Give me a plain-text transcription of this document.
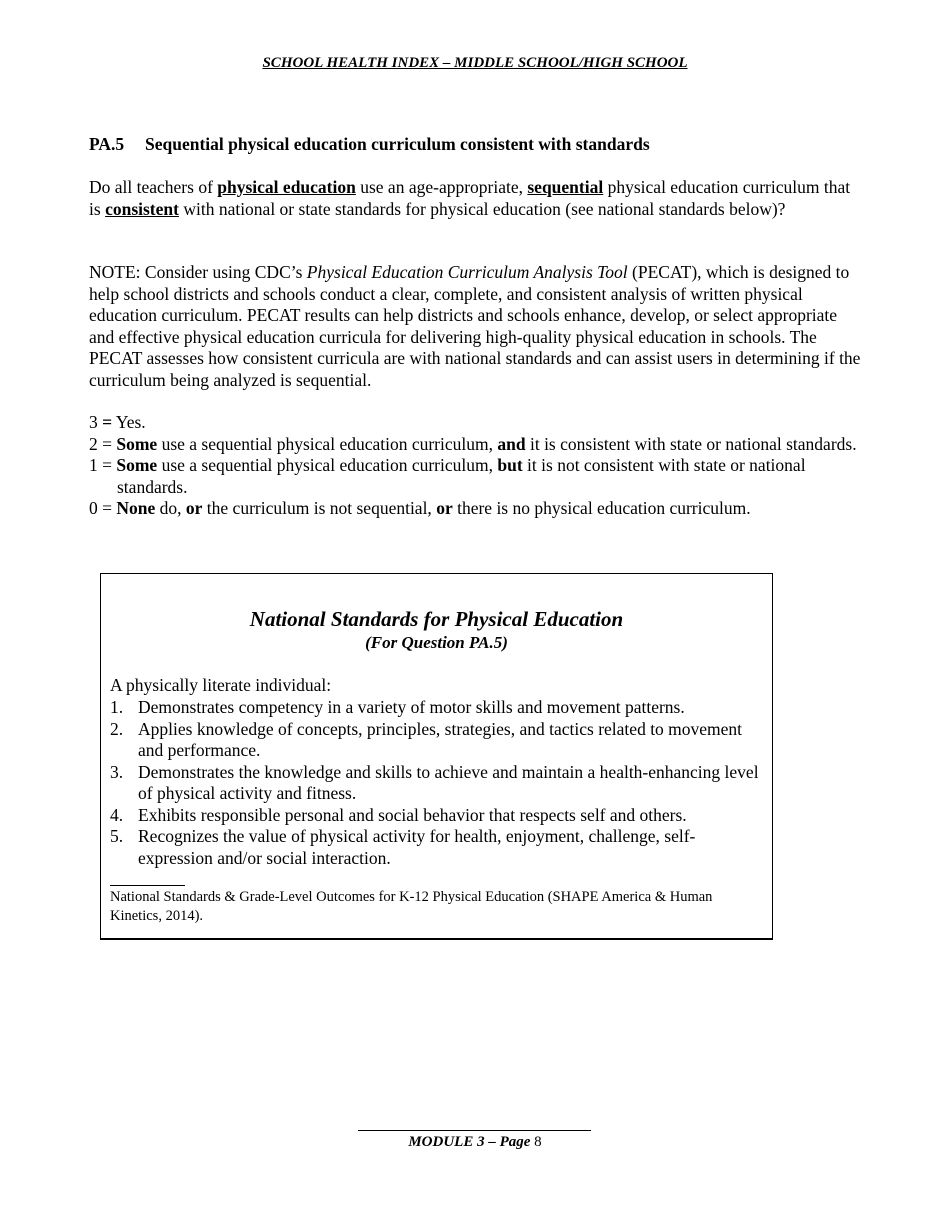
SCHOOL HEALTH INDEX – MIDDLE SCHOOL/HIGH SCHOOL
PA.5 Sequential physical education curriculum consistent with standards
Do all teachers of physical education use an age-appropriate, sequential physical education curriculum that is consistent with national or state standards for physical education (see national standards below)?
NOTE: Consider using CDC’s Physical Education Curriculum Analysis Tool (PECAT), which is designed to help school districts and schools conduct a clear, complete, and consistent analysis of written physical education curriculum. PECAT results can help districts and schools enhance, develop, or select appropriate and effective physical education curricula for delivering high-quality physical education in schools. The PECAT assesses how consistent curricula are with national standards and can assist users in determining if the curriculum being analyzed is sequential.
3 = Yes.
2 = Some use a sequential physical education curriculum, and it is consistent with state or national standards.
1 = Some use a sequential physical education curriculum, but it is not consistent with state or national standards.
0 = None do, or the curriculum is not sequential, or there is no physical education curriculum.
National Standards for Physical Education
(For Question PA.5)
A physically literate individual:
1. Demonstrates competency in a variety of motor skills and movement patterns.
2. Applies knowledge of concepts, principles, strategies, and tactics related to movement and performance.
3. Demonstrates the knowledge and skills to achieve and maintain a health-enhancing level of physical activity and fitness.
4. Exhibits responsible personal and social behavior that respects self and others.
5. Recognizes the value of physical activity for health, enjoyment, challenge, self-expression and/or social interaction.
National Standards & Grade-Level Outcomes for K-12 Physical Education (SHAPE America & Human Kinetics, 2014).
MODULE 3 – Page 8
